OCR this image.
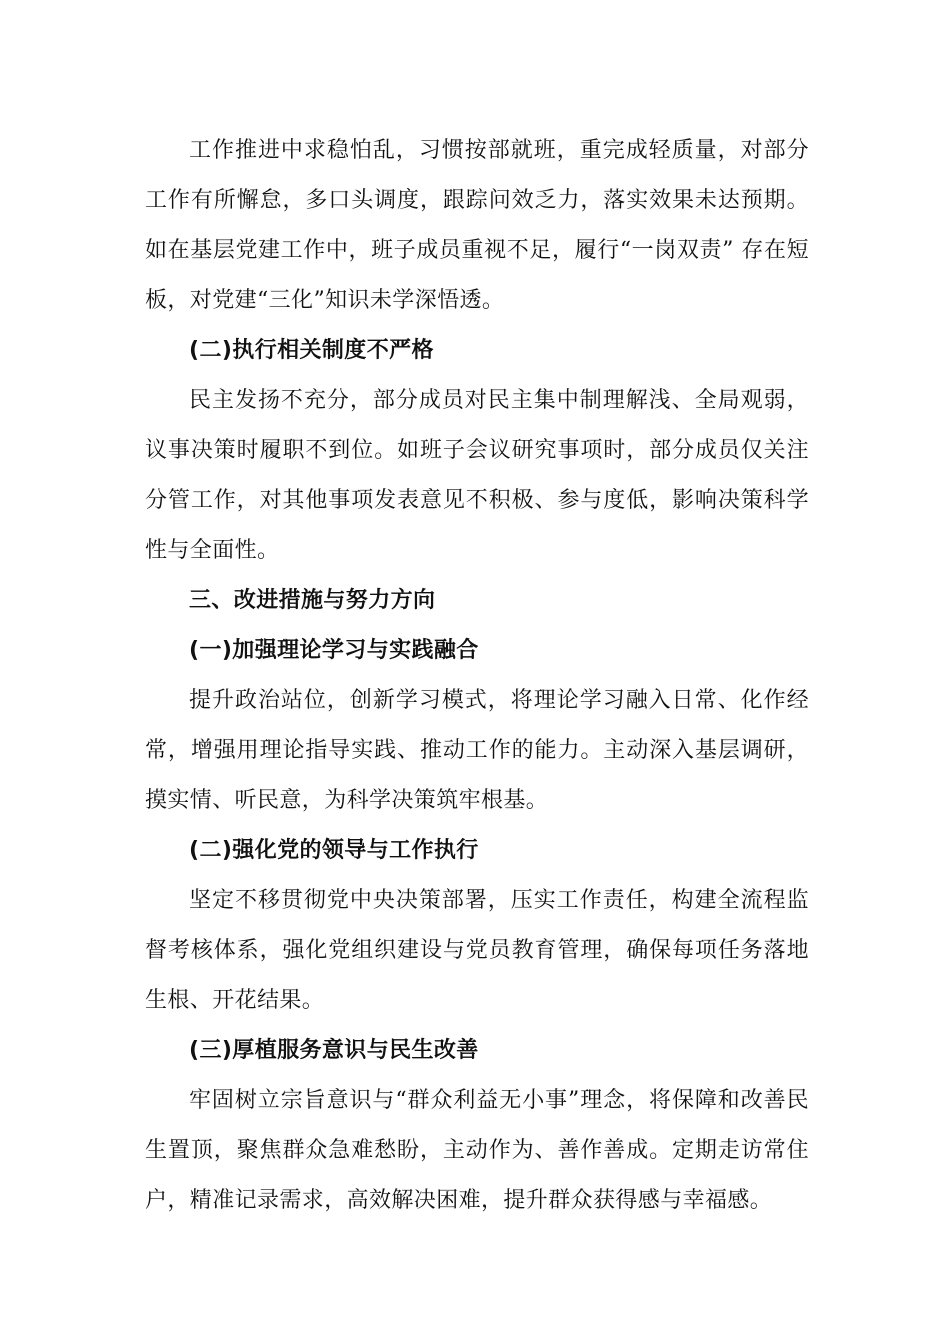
工作推进中求稳怕乱，习惯按部就班，重完成轻质量，对部分工作有所懈怠，多口头调度，跟踪问效乏力，落实效果未达预期。如在基层党建工作中，班子成员重视不足，履行“一岗双责” 存在短板，对党建“三化”知识未学深悟透。

(二)执行相关制度不严格

民主发扬不充分，部分成员对民主集中制理解浅、全局观弱，议事决策时履职不到位。如班子会议研究事项时，部分成员仅关注分管工作，对其他事项发表意见不积极、参与度低，影响决策科学性与全面性。

三、改进措施与努力方向

(一)加强理论学习与实践融合

提升政治站位，创新学习模式，将理论学习融入日常、化作经常，增强用理论指导实践、推动工作的能力。主动深入基层调研，摸实情、听民意，为科学决策筑牢根基。

(二)强化党的领导与工作执行

坚定不移贯彻党中央决策部署，压实工作责任，构建全流程监督考核体系，强化党组织建设与党员教育管理，确保每项任务落地生根、开花结果。

(三)厚植服务意识与民生改善

牢固树立宗旨意识与“群众利益无小事”理念，将保障和改善民生置顶，聚焦群众急难愁盼，主动作为、善作善成。定期走访常住户，精准记录需求，高效解决困难，提升群众获得感与幸福感。
